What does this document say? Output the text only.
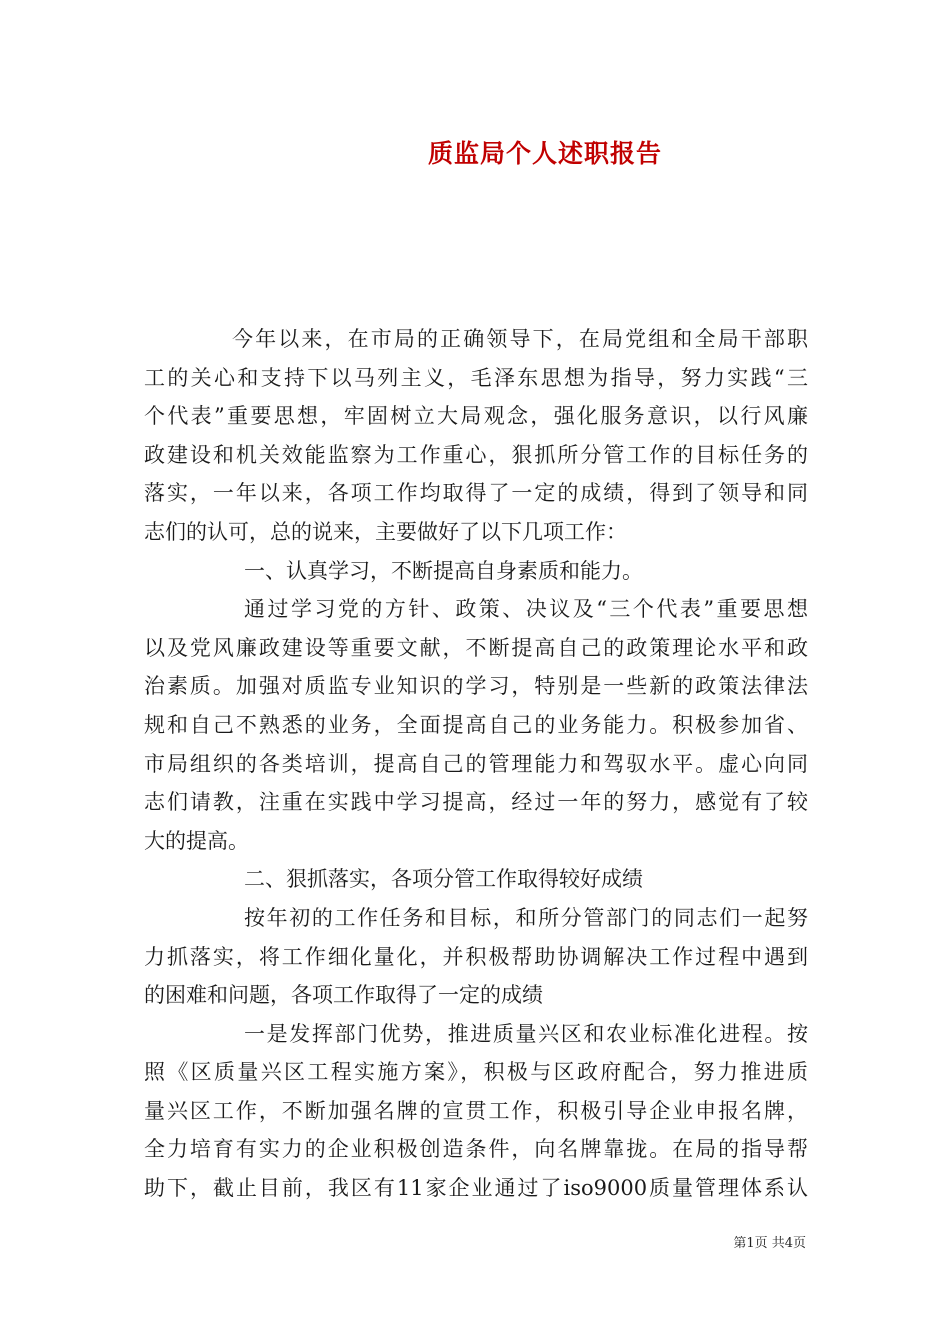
质监局个人述职报告
今年以来，在市局的正确领导下，在局党组和全局干部职
工的关心和支持下以马列主义，毛泽东思想为指导，努力实践“三
个代表”重要思想，牢固树立大局观念，强化服务意识，以行风廉
政建设和机关效能监察为工作重心，狠抓所分管工作的目标任务的
落实，一年以来，各项工作均取得了一定的成绩，得到了领导和同
志们的认可，总的说来，主要做好了以下几项工作：
一、认真学习，不断提高自身素质和能力。
通过学习党的方针、政策、决议及“三个代表”重要思想
以及党风廉政建设等重要文献，不断提高自己的政策理论水平和政
治素质。加强对质监专业知识的学习，特别是一些新的政策法律法
规和自己不熟悉的业务，全面提高自己的业务能力。积极参加省、
市局组织的各类培训，提高自己的管理能力和驾驭水平。虚心向同
志们请教，注重在实践中学习提高，经过一年的努力，感觉有了较
大的提高。
二、狠抓落实，各项分管工作取得较好成绩
按年初的工作任务和目标，和所分管部门的同志们一起努
力抓落实，将工作细化量化，并积极帮助协调解决工作过程中遇到
的困难和问题，各项工作取得了一定的成绩
一是发挥部门优势，推进质量兴区和农业标准化进程。按
照《区质量兴区工程实施方案》，积极与区政府配合，努力推进质
量兴区工作，不断加强名牌的宣贯工作，积极引导企业申报名牌，
全力培育有实力的企业积极创造条件，向名牌靠拢。在局的指导帮
助下，截止目前，我区有11家企业通过了iso9000质量管理体系认
第1页 共4页
